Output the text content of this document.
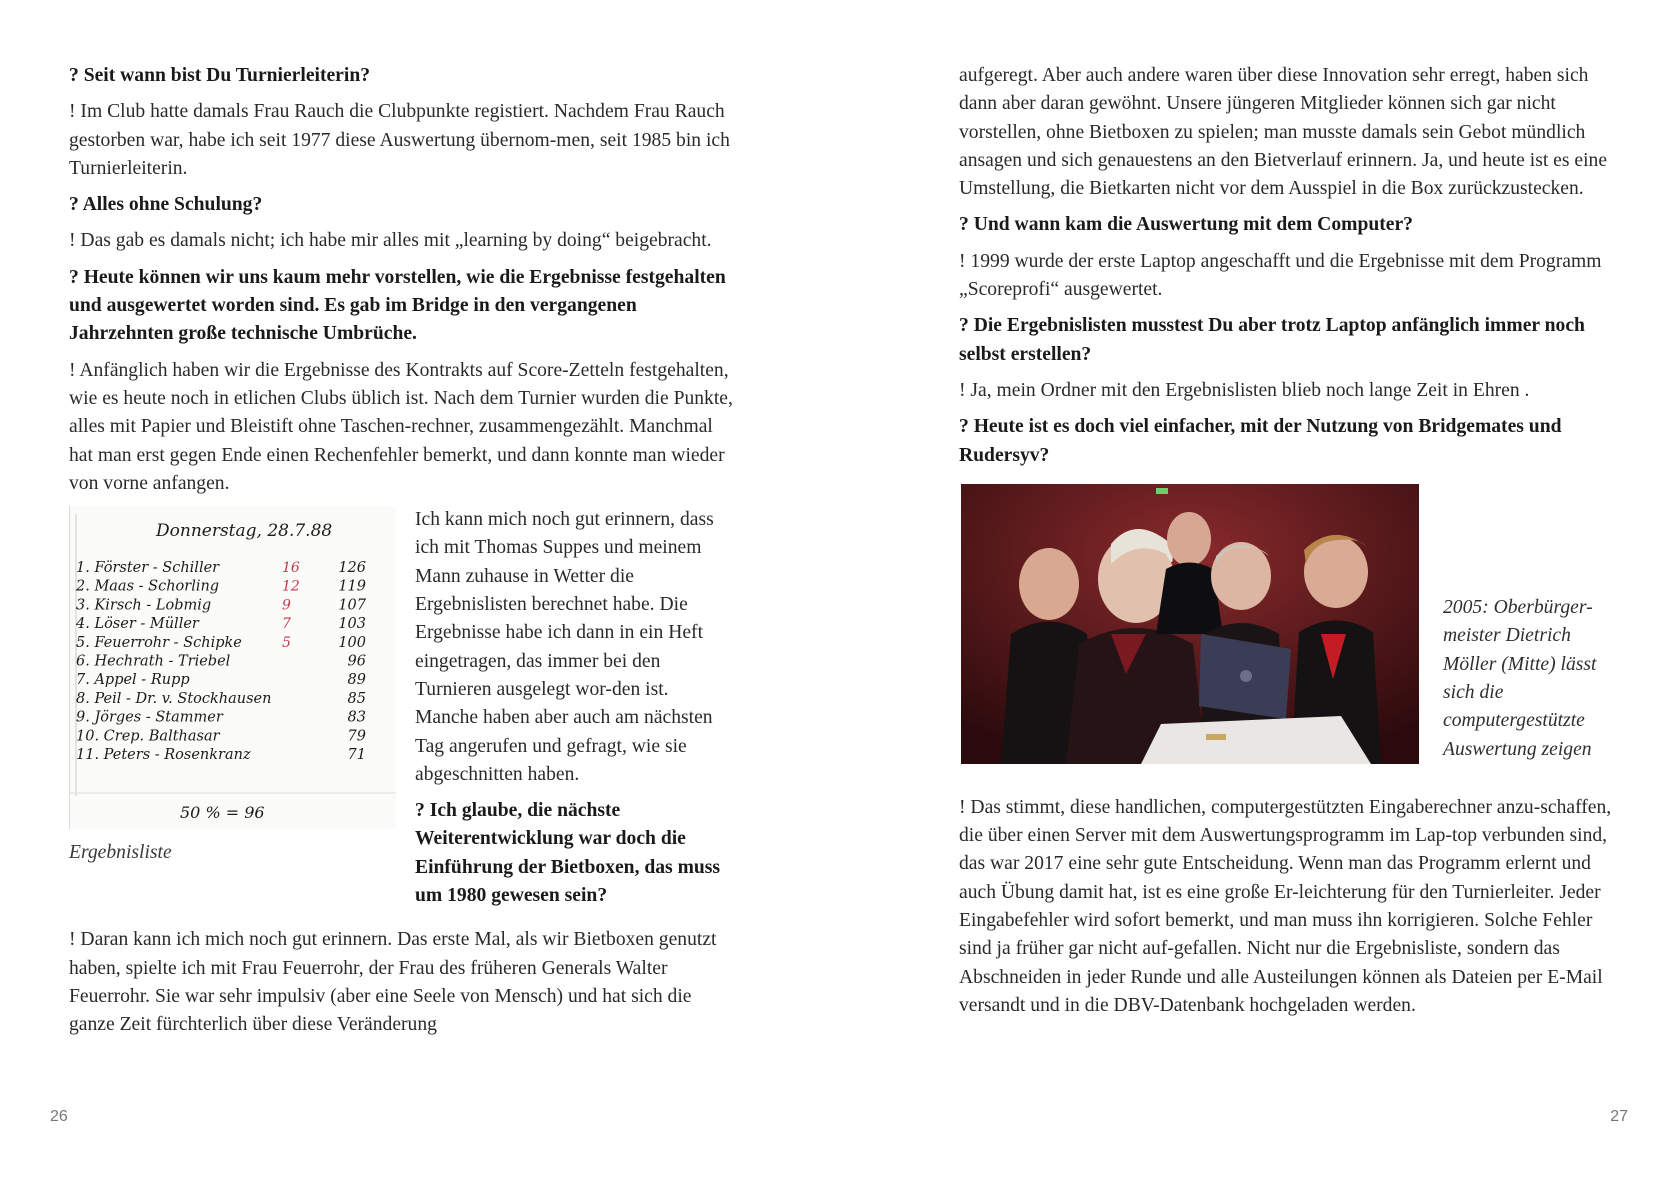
? Seit wann bist Du Turnierleiterin?

! Im Club hatte damals Frau Rauch die Clubpunkte registiert. Nachdem Frau Rauch gestorben war, habe ich seit 1977 diese Auswertung übernom-men, seit 1985 bin ich Turnierleiterin.

? Alles ohne Schulung?

! Das gab es damals nicht; ich habe mir alles mit „learning by doing“ beigebracht.

? Heute können wir uns kaum mehr vorstellen, wie die Ergebnisse festgehalten und ausgewertet worden sind. Es gab im Bridge in den vergangenen Jahrzehnten große technische Umbrüche.

! Anfänglich haben wir die Ergebnisse des Kontrakts auf Score-Zetteln festgehalten, wie es heute noch in etlichen Clubs üblich ist. Nach dem Turnier wurden die Punkte, alles mit Papier und Bleistift ohne Taschen-rechner, zusammengezählt. Manchmal hat man erst gegen Ende einen Rechenfehler bemerkt, und dann konnte man wieder von vorne anfangen.

Donnerstag, 28.7.88
50 % = 96
1. Förster - Schiller	16	126
2. Maas - Schorling	12	119
3. Kirsch - Lobmig	9	107
4. Löser - Müller	7	103
5. Feuerrohr - Schipke	5	100
6. Hechrath - Triebel	96
7. Appel - Rupp	89
8. Peil - Dr. v. Stockhausen	85
9. Jörges - Stammer	83
10. Crep. Balthasar	79
11. Peters - Rosenkranz	71
Ergebnisliste

Ich kann mich noch gut erinnern, dass ich mit Thomas Suppes und meinem Mann zuhause in Wetter die Ergebnislisten berechnet habe. Die Ergebnisse habe ich dann in ein Heft eingetragen, das immer bei den Turnieren ausgelegt wor-den ist. Manche haben aber auch am nächsten Tag angerufen und gefragt, wie sie abgeschnitten haben.

? Ich glaube, die nächste Weiterentwicklung war doch die Einführung der Bietboxen, das muss um 1980 gewesen sein?

! Daran kann ich mich noch gut erinnern. Das erste Mal, als wir Bietboxen genutzt haben, spielte ich mit Frau Feuerrohr, der Frau des früheren Generals Walter Feuerrohr. Sie war sehr impulsiv (aber eine Seele von Mensch) und hat sich die ganze Zeit fürchterlich über diese Veränderung

26

aufgeregt. Aber auch andere waren über diese Innovation sehr erregt, haben sich dann aber daran gewöhnt. Unsere jüngeren Mitglieder können sich gar nicht vorstellen, ohne Bietboxen zu spielen; man musste damals sein Gebot mündlich ansagen und sich genauestens an den Bietverlauf erinnern. Ja, und heute ist es eine Umstellung, die Bietkarten nicht vor dem Ausspiel in die Box zurückzustecken.

? Und wann kam die Auswertung mit dem Computer?

! 1999 wurde der erste Laptop angeschafft und die Ergebnisse mit dem Programm „Scoreprofi“ ausgewertet.

? Die Ergebnislisten musstest Du aber trotz Laptop anfänglich immer noch selbst erstellen?

! Ja, mein Ordner mit den Ergebnislisten blieb noch lange Zeit in Ehren .

? Heute ist es doch viel einfacher, mit der Nutzung von Bridgemates und Rudersyv?

2005: Oberbürger-meister Dietrich Möller (Mitte) lässt sich die computergestützte Auswertung zeigen

! Das stimmt, diese handlichen, computergestützten Eingaberechner anzu-schaffen, die über einen Server mit dem Auswertungsprogramm im Lap-top verbunden sind, das war 2017 eine sehr gute Entscheidung. Wenn man das Programm erlernt und auch Übung damit hat, ist es eine große Er-leichterung für den Turnierleiter. Jeder Eingabefehler wird sofort bemerkt, und man muss ihn korrigieren. Solche Fehler sind ja früher gar nicht auf-gefallen. Nicht nur die Ergebnisliste, sondern das Abschneiden in jeder Runde und alle Austeilungen können als Dateien per E-Mail versandt und in die DBV-Datenbank hochgeladen werden.

27
